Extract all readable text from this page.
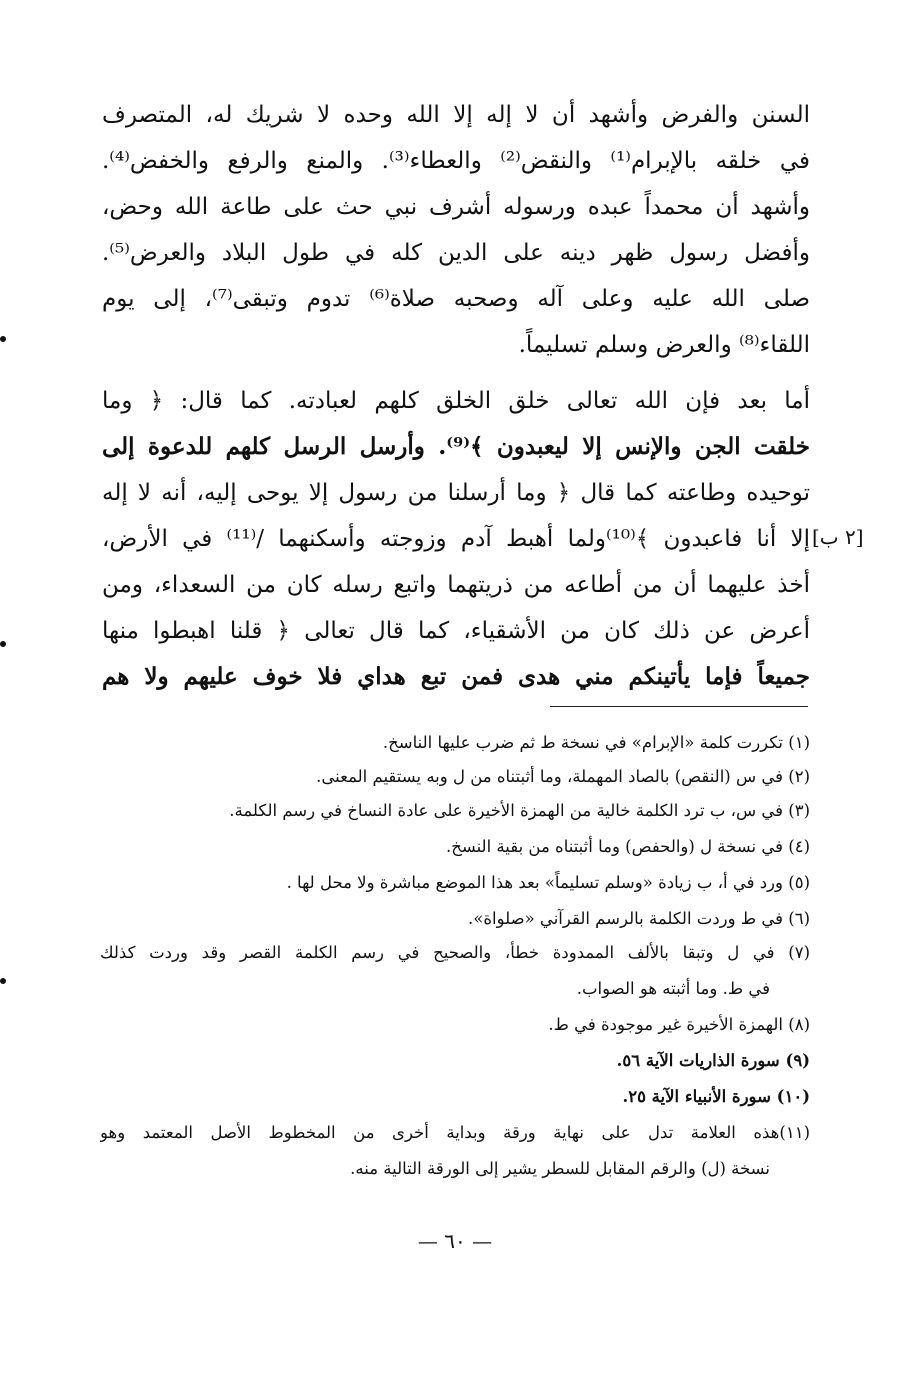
السنن والفرض وأشهد أن لا إله إلا الله وحده لا شريك له، المتصرف
في خلقه بالإبرام⁽¹⁾ والنقض⁽²⁾ والعطاء⁽³⁾. والمنع والرفع والخفض⁽⁴⁾.
وأشهد أن محمداً عبده ورسوله أشرف نبي حث على طاعة الله وحض،
وأفضل رسول ظهر دينه على الدين كله في طول البلاد والعرض⁽⁵⁾.
صلى الله عليه وعلى آله وصحبه صلاة⁽⁶⁾ تدوم وتبقى⁽⁷⁾، إلى يوم
اللقاء⁽⁸⁾ والعرض وسلم تسليماً.
أما بعد فإن الله تعالى خلق الخلق كلهم لعبادته. كما قال: ﴿ وما
خلقت الجن والإنس إلا ليعبدون ﴾⁽⁹⁾. وأرسل الرسل كلهم للدعوة إلى
توحيده وطاعته كما قال ﴿ وما أرسلنا من رسول إلا يوحى إليه، أنه لا إله
إلا أنا فاعبدون ﴾⁽¹⁰⁾ولما أهبط آدم وزوجته وأسكنهما /⁽¹¹⁾ في الأرض،
أخذ عليهما أن من أطاعه من ذريتهما واتبع رسله كان من السعداء، ومن
أعرض عن ذلك كان من الأشقياء، كما قال تعالى ﴿ قلنا اهبطوا منها
جميعاً فإما يأتينكم مني هدى فمن تبع هداي فلا خوف عليهم ولا هم
[٢ ب]
(١) تكررت كلمة «الإبرام» في نسخة ط ثم ضرب عليها الناسخ.
(٢) في س (النقص) بالصاد المهملة، وما أثبتناه من ل وبه يستقيم المعنى.
(٣) في س، ب ترد الكلمة خالية من الهمزة الأخيرة على عادة النساخ في رسم الكلمة.
(٤) في نسخة ل (والحفص) وما أثبتناه من بقية النسخ.
(٥) ورد في أ، ب زيادة «وسلم تسليماً» بعد هذا الموضع مباشرة ولا محل لها .
(٦) في ط وردت الكلمة بالرسم القرآني «صلواة».
(٧) في ل وتبقا بالألف الممدودة خطأ، والصحيح في رسم الكلمة القصر وقد وردت كذلك
في ط. وما أثبته هو الصواب.
(٨) الهمزة الأخيرة غير موجودة في ط.
(٩) سورة الذاريات الآية ٥٦.
(١٠) سورة الأنبياء الآية ٢٥.
(١١)هذه العلامة تدل على نهاية ورقة وبداية أخرى من المخطوط الأصل المعتمد وهو
نسخة (ل) والرقم المقابل للسطر يشير إلى الورقة التالية منه.
— ٦٠ —
